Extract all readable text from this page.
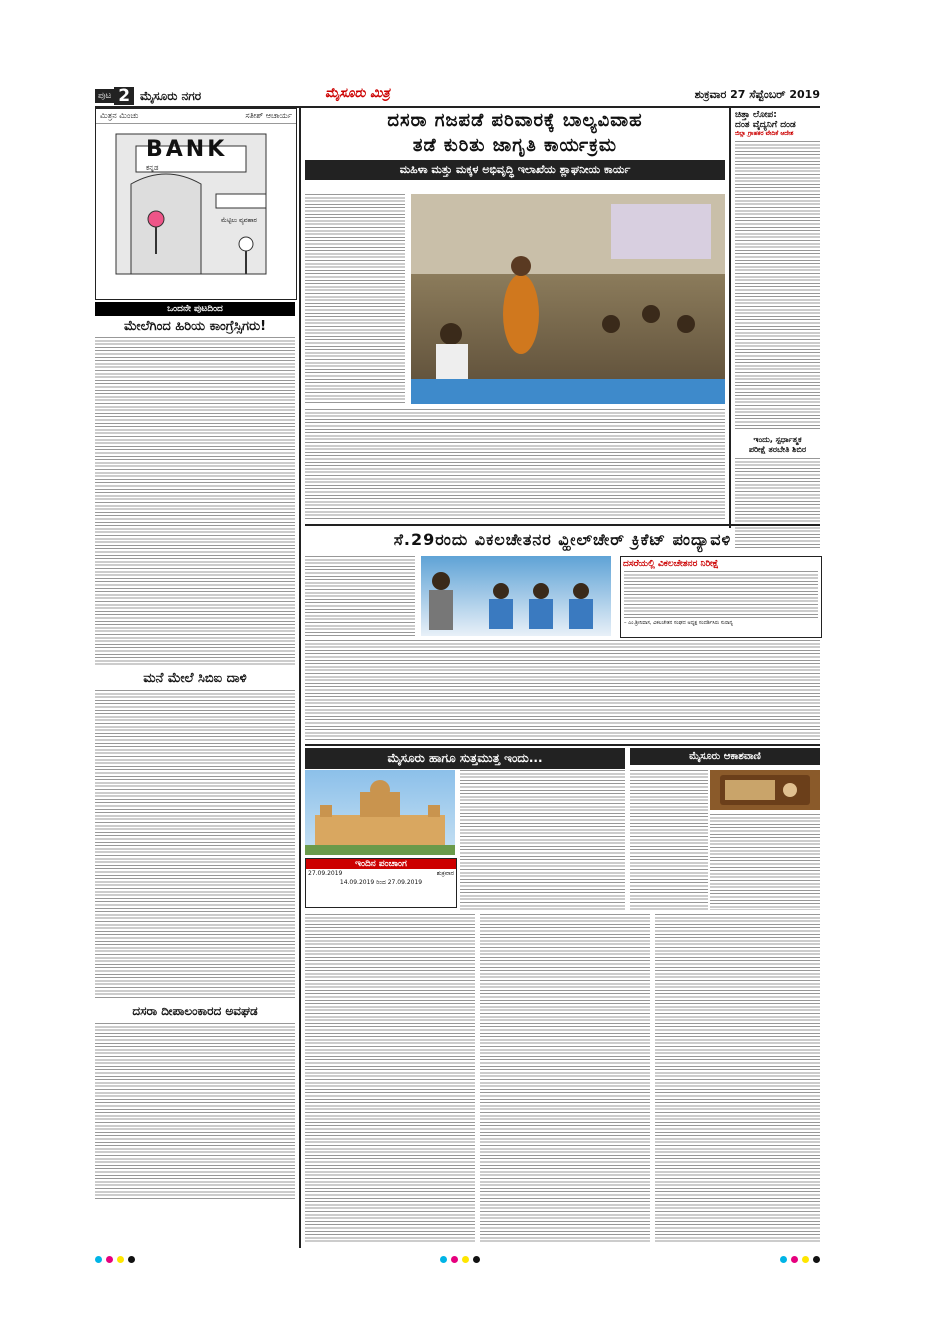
ಪುಟ 2 ಮೈಸೂರು ನಗರ	ಮೈಸೂರು ಮಿತ್ರ	ಶುಕ್ರವಾರ 27 ಸೆಪ್ಟೆಂಬರ್ 2019
ಮಿತ್ರನ ಮಿಂಚು	ಸತೀಶ್ ಆಚಾರ್ಯ
BANK
ಕನ್ನಡ
ಮೆಟ್ಟಿಲು ವ್ಯವಹಾರ
ಒಂದನೇ ಪುಟದಿಂದ
ಮೇಲೆಗಿಂದ ಹಿರಿಯ ಕಾಂಗ್ರೆಸ್ಸಿಗರು!
ಮನೆ ಮೇಲೆ ಸಿಬಿಐ ದಾಳಿ
ದಸರಾ ದೀಪಾಲಂಕಾರದ ಅವಘಡ
ದಸರಾ ಗಜಪಡೆ ಪರಿವಾರಕ್ಕೆ ಬಾಲ್ಯವಿವಾಹ
ತಡೆ ಕುರಿತು ಜಾಗೃತಿ ಕಾರ್ಯಕ್ರಮ
ಮಹಿಳಾ ಮತ್ತು ಮಕ್ಕಳ ಅಭಿವೃದ್ಧಿ ಇಲಾಖೆಯ ಶ್ಲಾಘನೀಯ ಕಾರ್ಯ
ಚಿತ್ತಾ ಲೋಪ:
ದಂತ ವೈದ್ಯನಿಗೆ ದಂಡ
ಜಿಲ್ಲಾ ಗ್ರಾಹಕರ ವೇದಿಕೆ ಆದೇಶ
ಇಂದು, ಸ್ಪರ್ಧಾತ್ಮಕ
ಪರೀಕ್ಷೆ ತರಬೇತಿ ಶಿಬಿರ
ಸೆ.29ರಂದು ವಿಕಲಚೇತನರ ವ್ಹೀಲ್‌ಚೇರ್ ಕ್ರಿಕೆಟ್ ಪಂದ್ಯಾವಳಿ
ದಸರೆಯಲ್ಲಿ ವಿಕಲಚೇತನರ ನಿರೀಕ್ಷೆ
– ಎಂ.ಶ್ರೀನಿವಾಸ, ವಿಕಲಚೇತನ ಸಂಘದ ಅಧ್ಯಕ್ಷ ಸಂದರ್ಶಿಸಿರು ಸುರಾನ್ಯ
ಮೈಸೂರು ಹಾಗೂ ಸುತ್ತಮುತ್ತ ಇಂದು...	ಮೈಸೂರು ಆಕಾಶವಾಣಿ
ಇಂದಿನ ಪಂಚಾಂಗ
27.09.2019	ಶುಕ್ರವಾರ
14.09.2019 ರಿಂದ 27.09.2019
